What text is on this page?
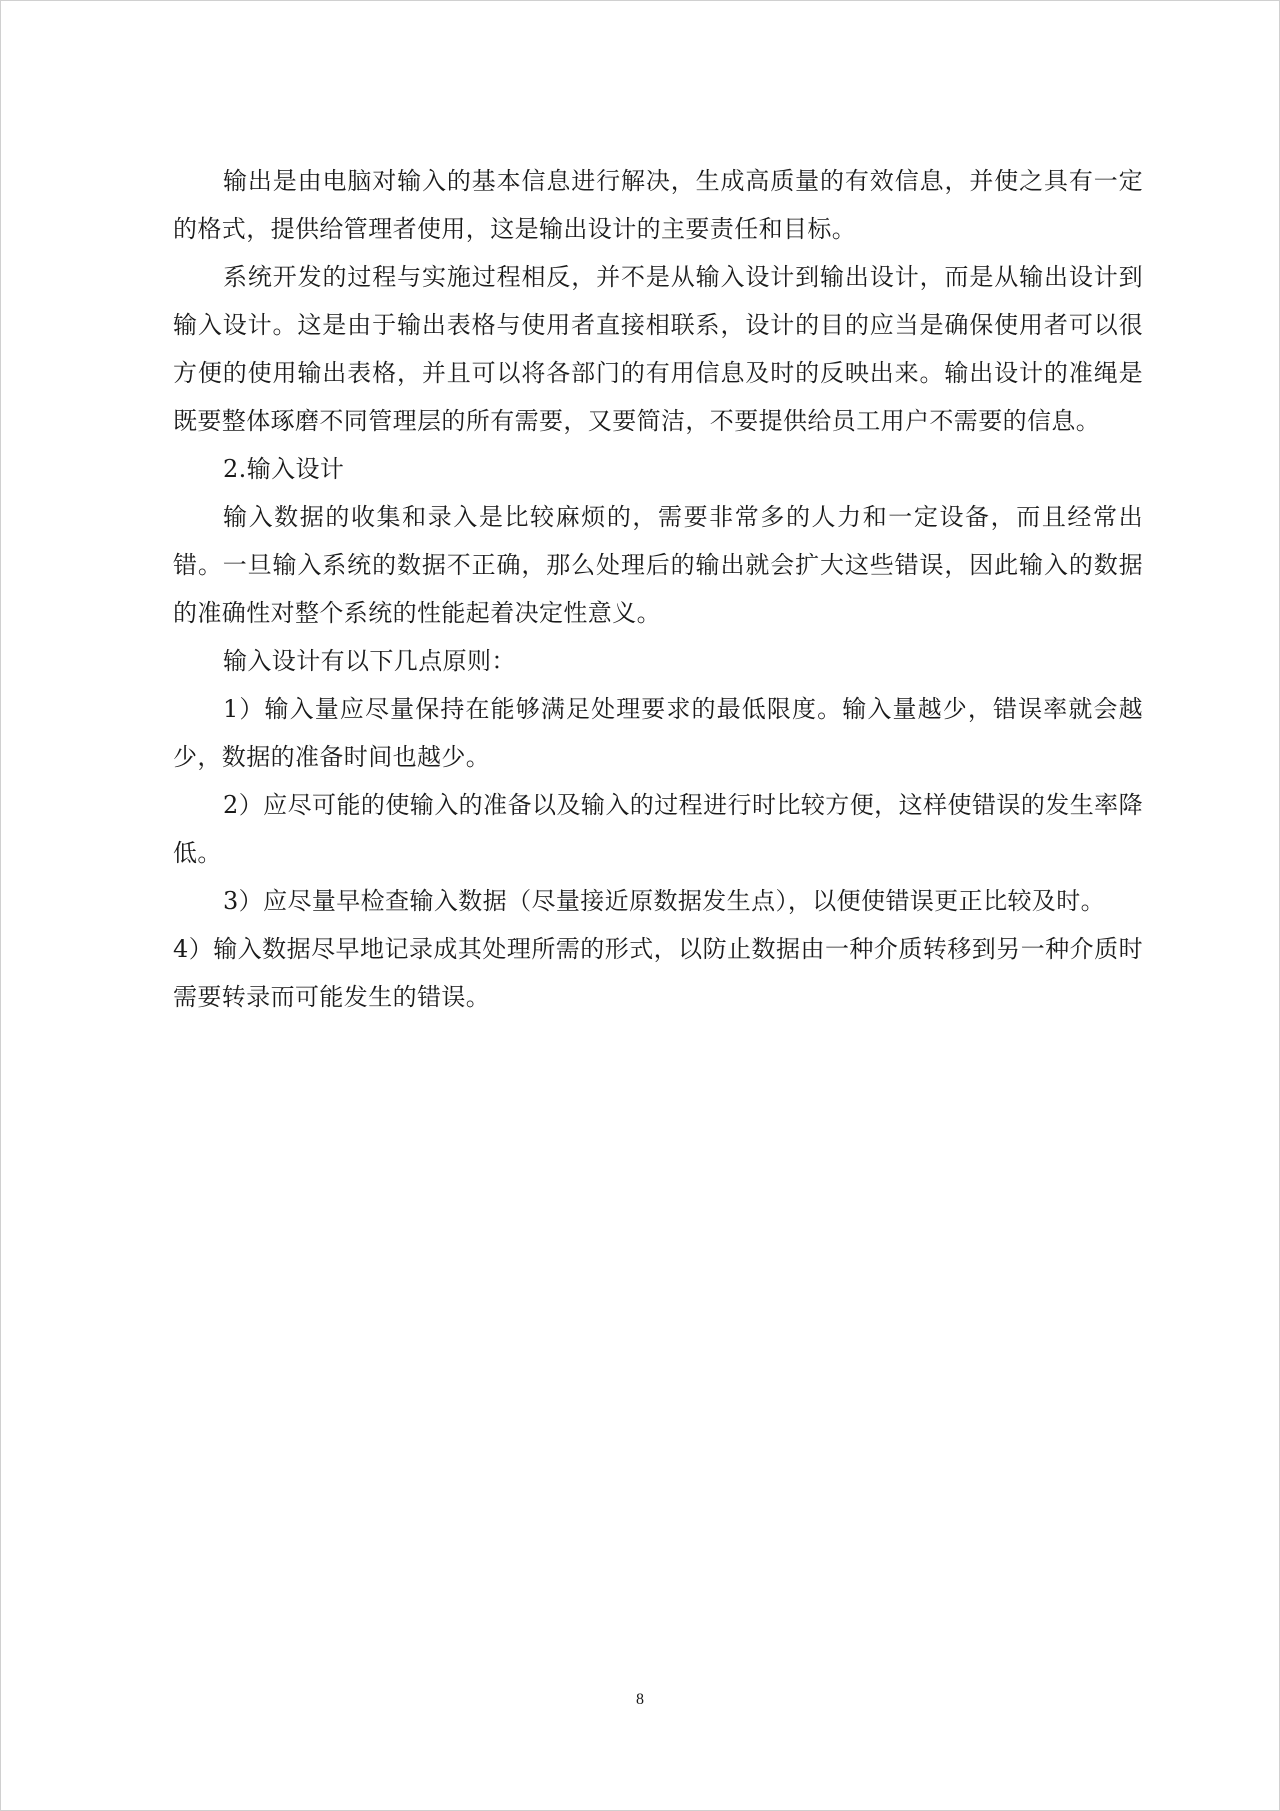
输出是由电脑对输入的基本信息进行解决，生成高质量的有效信息，并使之具有一定的格式，提供给管理者使用，这是输出设计的主要责任和目标。

系统开发的过程与实施过程相反，并不是从输入设计到输出设计，而是从输出设计到输入设计。这是由于输出表格与使用者直接相联系，设计的目的应当是确保使用者可以很方便的使用输出表格，并且可以将各部门的有用信息及时的反映出来。输出设计的准绳是既要整体琢磨不同管理层的所有需要，又要简洁，不要提供给员工用户不需要的信息。

2.输入设计

输入数据的收集和录入是比较麻烦的，需要非常多的人力和一定设备，而且经常出错。一旦输入系统的数据不正确，那么处理后的输出就会扩大这些错误，因此输入的数据的准确性对整个系统的性能起着决定性意义。

输入设计有以下几点原则：

1）输入量应尽量保持在能够满足处理要求的最低限度。输入量越少，错误率就会越少，数据的准备时间也越少。

2）应尽可能的使输入的准备以及输入的过程进行时比较方便，这样使错误的发生率降低。

3）应尽量早检查输入数据（尽量接近原数据发生点），以便使错误更正比较及时。

4）输入数据尽早地记录成其处理所需的形式，以防止数据由一种介质转移到另一种介质时需要转录而可能发生的错误。

8
